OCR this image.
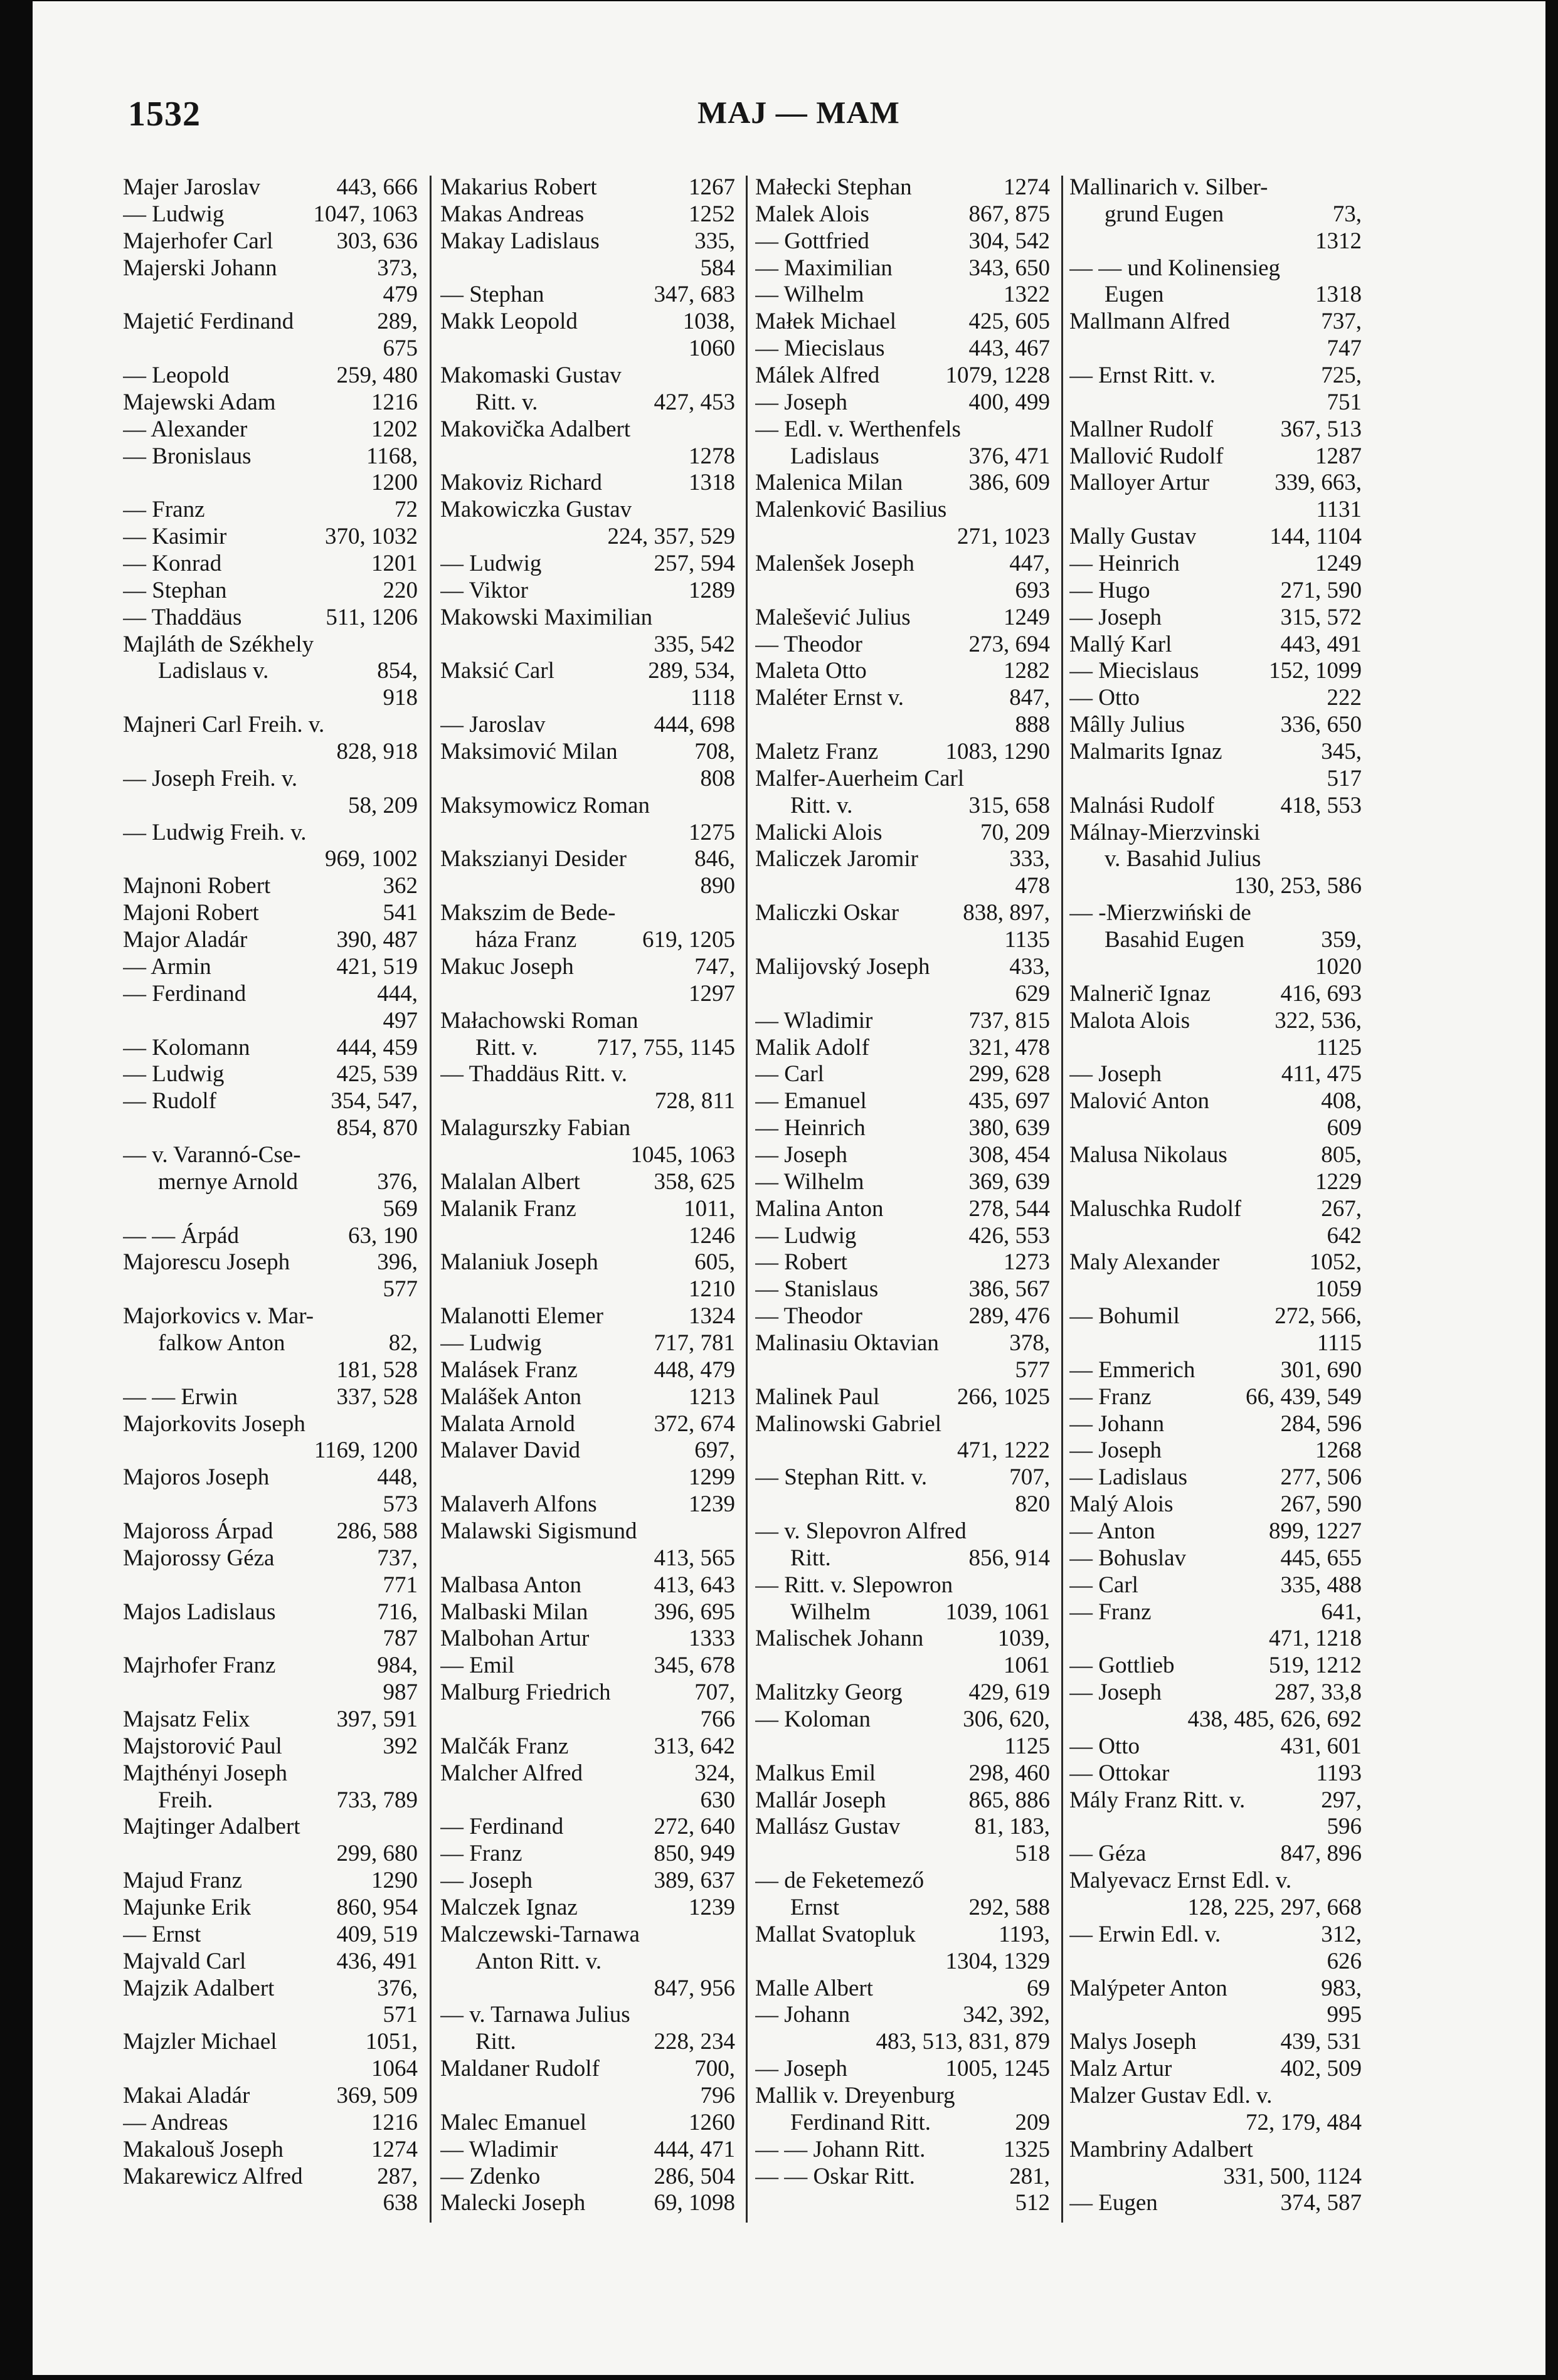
1532	MAJ — MAM
Majer Jaroslav	443, 666
— Ludwig	1047, 1063
Majerhofer Carl	303, 636
Majerski Johann	373,
479
Majetić Ferdinand	289,
675
— Leopold	259, 480
Majewski Adam	1216
— Alexander	1202
— Bronislaus	1168,
1200
— Franz	72
— Kasimir	370, 1032
— Konrad	1201
— Stephan	220
— Thaddäus	511, 1206
Majláth de Székhely
Ladislaus v.	854,
918
Majneri Carl Freih. v.
828, 918
— Joseph Freih. v.
58, 209
— Ludwig Freih. v.
969, 1002
Majnoni Robert	362
Majoni Robert	541
Major Aladár	390, 487
— Armin	421, 519
— Ferdinand	444,
497
— Kolomann	444, 459
— Ludwig	425, 539
— Rudolf	354, 547,
854, 870
— v. Varannó-Cse-
mernye Arnold	376,
569
— — Árpád	63, 190
Majorescu Joseph	396,
577
Majorkovics v. Mar-
falkow Anton	82,
181, 528
— — Erwin	337, 528
Majorkovits Joseph
1169, 1200
Majoros Joseph	448,
573
Majoross Árpad	286, 588
Majorossy Géza	737,
771
Majos Ladislaus	716,
787
Majrhofer Franz	984,
987
Majsatz Felix	397, 591
Majstorović Paul	392
Majthényi Joseph
Freih.	733, 789
Majtinger Adalbert
299, 680
Majud Franz	1290
Majunke Erik	860, 954
— Ernst	409, 519
Majvald Carl	436, 491
Majzik Adalbert	376,
571
Majzler Michael	1051,
1064
Makai Aladár	369, 509
— Andreas	1216
Makalouš Joseph	1274
Makarewicz Alfred	287,
638
Makarius Robert	1267
Makas Andreas	1252
Makay Ladislaus	335,
584
— Stephan	347, 683
Makk Leopold	1038,
1060
Makomaski Gustav
Ritt. v.	427, 453
Makovička Adalbert
1278
Makoviz Richard	1318
Makowiczka Gustav
224, 357, 529
— Ludwig	257, 594
— Viktor	1289
Makowski Maximilian
335, 542
Maksić Carl	289, 534,
1118
— Jaroslav	444, 698
Maksimović Milan	708,
808
Maksymowicz Roman
1275
Makszianyi Desider	846,
890
Makszim de Bede-
háza Franz	619, 1205
Makuc Joseph	747,
1297
Małachowski Roman
Ritt. v.	717, 755, 1145
— Thaddäus Ritt. v.
728, 811
Malagurszky Fabian
1045, 1063
Malalan Albert	358, 625
Malanik Franz	1011,
1246
Malaniuk Joseph	605,
1210
Malanotti Elemer	1324
— Ludwig	717, 781
Malásek Franz	448, 479
Malášek Anton	1213
Malata Arnold	372, 674
Malaver David	697,
1299
Malaverh Alfons	1239
Malawski Sigismund
413, 565
Malbasa Anton	413, 643
Malbaski Milan	396, 695
Malbohan Artur	1333
— Emil	345, 678
Malburg Friedrich	707,
766
Malčák Franz	313, 642
Malcher Alfred	324,
630
— Ferdinand	272, 640
— Franz	850, 949
— Joseph	389, 637
Malczek Ignaz	1239
Malczewski-Tarnawa
Anton Ritt. v.
847, 956
— v. Tarnawa Julius
Ritt.	228, 234
Maldaner Rudolf	700,
796
Malec Emanuel	1260
— Wladimir	444, 471
— Zdenko	286, 504
Malecki Joseph	69, 1098
Małecki Stephan	1274
Malek Alois	867, 875
— Gottfried	304, 542
— Maximilian	343, 650
— Wilhelm	1322
Małek Michael	425, 605
— Miecislaus	443, 467
Málek Alfred	1079, 1228
— Joseph	400, 499
— Edl. v. Werthenfels
Ladislaus	376, 471
Malenica Milan	386, 609
Malenković Basilius
271, 1023
Malenšek Joseph	447,
693
Malešević Julius	1249
— Theodor	273, 694
Maleta Otto	1282
Maléter Ernst v.	847,
888
Maletz Franz	1083, 1290
Malfer-Auerheim Carl
Ritt. v.	315, 658
Malicki Alois	70, 209
Maliczek Jaromir	333,
478
Maliczki Oskar	838, 897,
1135
Malijovský Joseph	433,
629
— Wladimir	737, 815
Malik Adolf	321, 478
— Carl	299, 628
— Emanuel	435, 697
— Heinrich	380, 639
— Joseph	308, 454
— Wilhelm	369, 639
Malina Anton	278, 544
— Ludwig	426, 553
— Robert	1273
— Stanislaus	386, 567
— Theodor	289, 476
Malinasiu Oktavian	378,
577
Malinek Paul	266, 1025
Malinowski Gabriel
471, 1222
— Stephan Ritt. v.	707,
820
— v. Slepovron Alfred
Ritt.	856, 914
— Ritt. v. Slepowron
Wilhelm	1039, 1061
Malischek Johann	1039,
1061
Malitzky Georg	429, 619
— Koloman	306, 620,
1125
Malkus Emil	298, 460
Mallár Joseph	865, 886
Mallász Gustav	81, 183,
518
— de Feketemező
Ernst	292, 588
Mallat Svatopluk	1193,
1304, 1329
Malle Albert	69
— Johann	342, 392,
483, 513, 831, 879
— Joseph	1005, 1245
Mallik v. Dreyenburg
Ferdinand Ritt.	209
— — Johann Ritt.	1325
— — Oskar Ritt.	281,
512
Mallinarich v. Silber-
grund Eugen	73,
1312
— — und Kolinensieg
Eugen	1318
Mallmann Alfred	737,
747
— Ernst Ritt. v.	725,
751
Mallner Rudolf	367, 513
Mallović Rudolf	1287
Malloyer Artur	339, 663,
1131
Mally Gustav	144, 1104
— Heinrich	1249
— Hugo	271, 590
— Joseph	315, 572
Mallý Karl	443, 491
— Miecislaus	152, 1099
— Otto	222
Mâlly Julius	336, 650
Malmarits Ignaz	345,
517
Malnási Rudolf	418, 553
Málnay-Mierzvinski
v. Basahid Julius
130, 253, 586
— -Mierzwiński de
Basahid Eugen	359,
1020
Malnerič Ignaz	416, 693
Malota Alois	322, 536,
1125
— Joseph	411, 475
Malović Anton	408,
609
Malusa Nikolaus	805,
1229
Maluschka Rudolf	267,
642
Maly Alexander	1052,
1059
— Bohumil	272, 566,
1115
— Emmerich	301, 690
— Franz	66, 439, 549
— Johann	284, 596
— Joseph	1268
— Ladislaus	277, 506
Malý Alois	267, 590
— Anton	899, 1227
— Bohuslav	445, 655
— Carl	335, 488
— Franz	641,
471, 1218
— Gottlieb	519, 1212
— Joseph	287, 33,8
438, 485, 626, 692
— Otto	431, 601
— Ottokar	1193
Mály Franz Ritt. v.	297,
596
— Géza	847, 896
Malyevacz Ernst Edl. v.
128, 225, 297, 668
— Erwin Edl. v.	312,
626
Malýpeter Anton	983,
995
Malys Joseph	439, 531
Malz Artur	402, 509
Malzer Gustav Edl. v.
72, 179, 484
Mambriny Adalbert
331, 500, 1124
— Eugen	374, 587
